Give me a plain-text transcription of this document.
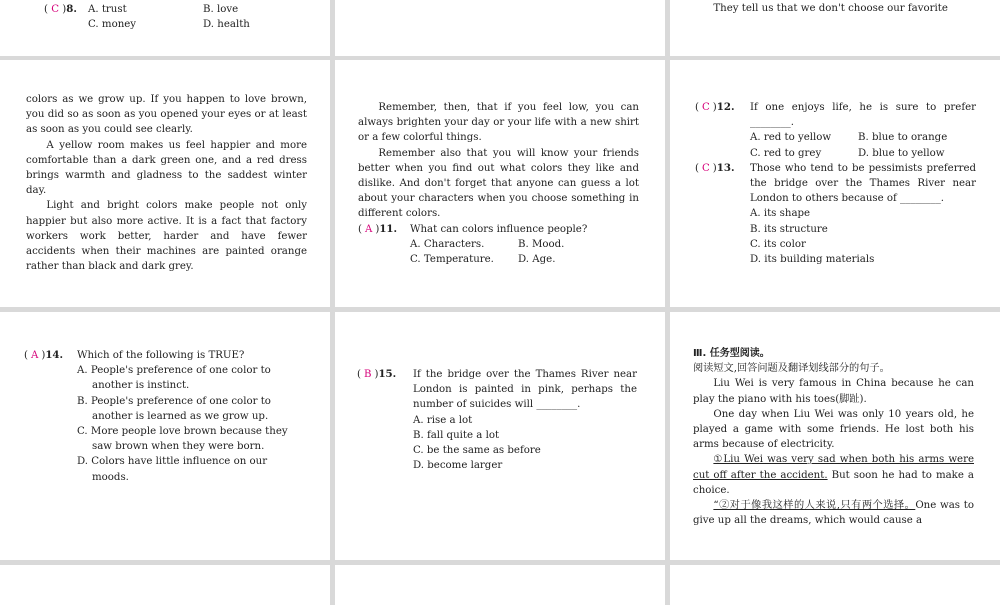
( C )8. A. trust	B. love
C. money	D. health

They tell us that we don't choose our favorite

colors as we grow up. If you happen to love brown, you did so as soon as you opened your eyes or at least as soon as you could see clearly.

A yellow room makes us feel happier and more comfortable than a dark green one, and a red dress brings warmth and gladness to the saddest winter day.

Light and bright colors make people not only happier but also more active. It is a fact that factory workers work better, harder and have fewer accidents when their machines are painted orange rather than black and dark grey.

Remember, then, that if you feel low, you can always brighten your day or your life with a new shirt or a few colorful things.

Remember also that you will know your friends better when you find out what colors they like and dislike. And don't forget that anyone can guess a lot about your characters when you choose something in different colors.

( A )11. What can colors influence people?
A. Characters.	B. Mood.
C. Temperature.	D. Age.
( C )12. If one enjoys life, he is sure to prefer ________.
A. red to yellow	B. blue to orange
C. red to grey	D. blue to yellow
( C )13. Those who tend to be pessimists preferred the bridge over the Thames River near London to others because of ________.
A. its shape
B. its structure
C. its color
D. its building materials
( A )14. Which of the following is TRUE?
A. People's preference of one color to another is instinct.
B. People's preference of one color to another is learned as we grow up.
C. More people love brown because they saw brown when they were born.
D. Colors have little influence on our moods.
( B )15. If the bridge over the Thames River near London is painted in pink, perhaps the number of suicides will ________.
A. rise a lot
B. fall quite a lot
C. be the same as before
D. become larger

Ⅲ. 任务型阅读。

阅读短文,回答问题及翻译划线部分的句子。

Liu Wei is very famous in China because he can play the piano with his toes(脚趾).

One day when Liu Wei was only 10 years old, he played a game with some friends. He lost both his arms because of electricity.

①Liu Wei was very sad when both his arms were cut off after the accident. But soon he had to make a choice.

“②对于像我这样的人来说,只有两个选择。One was to give up all the dreams, which would cause a
